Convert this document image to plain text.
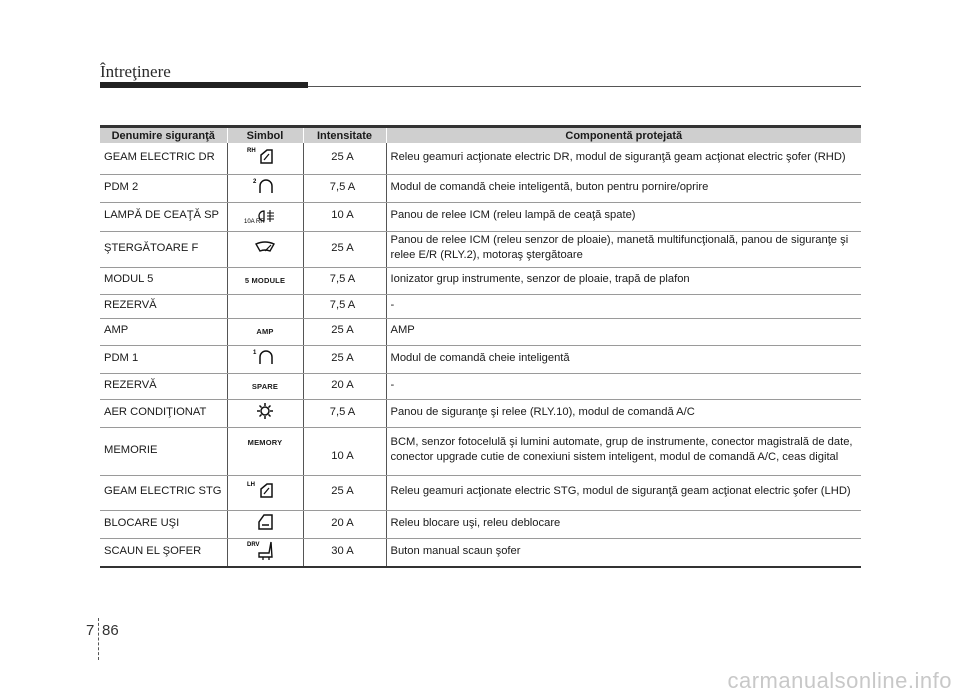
Întreţinere
Denumire siguranţă	Simbol	Intensitate	Componentă protejată
GEAM ELECTRIC DR	RH	25 A	Releu geamuri acţionate electric DR, modul de siguranţă geam acţionat electric şofer (RHD)
PDM 2	2	7,5 A	Modul de comandă cheie inteligentă, buton pentru pornire/oprire
LAMPĂ DE CEAŢĂ SP	10A RR	10 A	Panou de relee ICM (releu lampă de ceaţă spate)
ŞTERGĂTOARE F		25 A	Panou de relee ICM (releu senzor de ploaie), manetă multifuncţională, panou de siguranţe şi relee E/R (RLY.2), motoraş ştergătoare
MODUL 5	5 MODULE	7,5 A	Ionizator grup instrumente, senzor de ploaie, trapă de plafon
REZERVĂ		7,5 A	-
AMP	AMP	25 A	AMP
PDM 1	1	25 A	Modul de comandă cheie inteligentă
REZERVĂ	SPARE	20 A	-
AER CONDIŢIONAT		7,5 A	Panou de siguranţe şi relee (RLY.10), modul de comandă A/C
MEMORIE	MEMORY	10 A	BCM, senzor fotocelulă şi lumini automate, grup de instrumente, conector magistrală de date, conector upgrade cutie de conexiuni sistem inteligent, modul de comandă A/C, ceas digital
GEAM ELECTRIC STG	LH	25 A	Releu geamuri acţionate electric STG, modul de siguranţă geam acţionat electric şofer (LHD)
BLOCARE UŞI		20 A	Releu blocare uşi, releu deblocare
SCAUN EL ŞOFER	DRV	30 A	Buton manual scaun şofer
7 86
carmanualsonline.info
